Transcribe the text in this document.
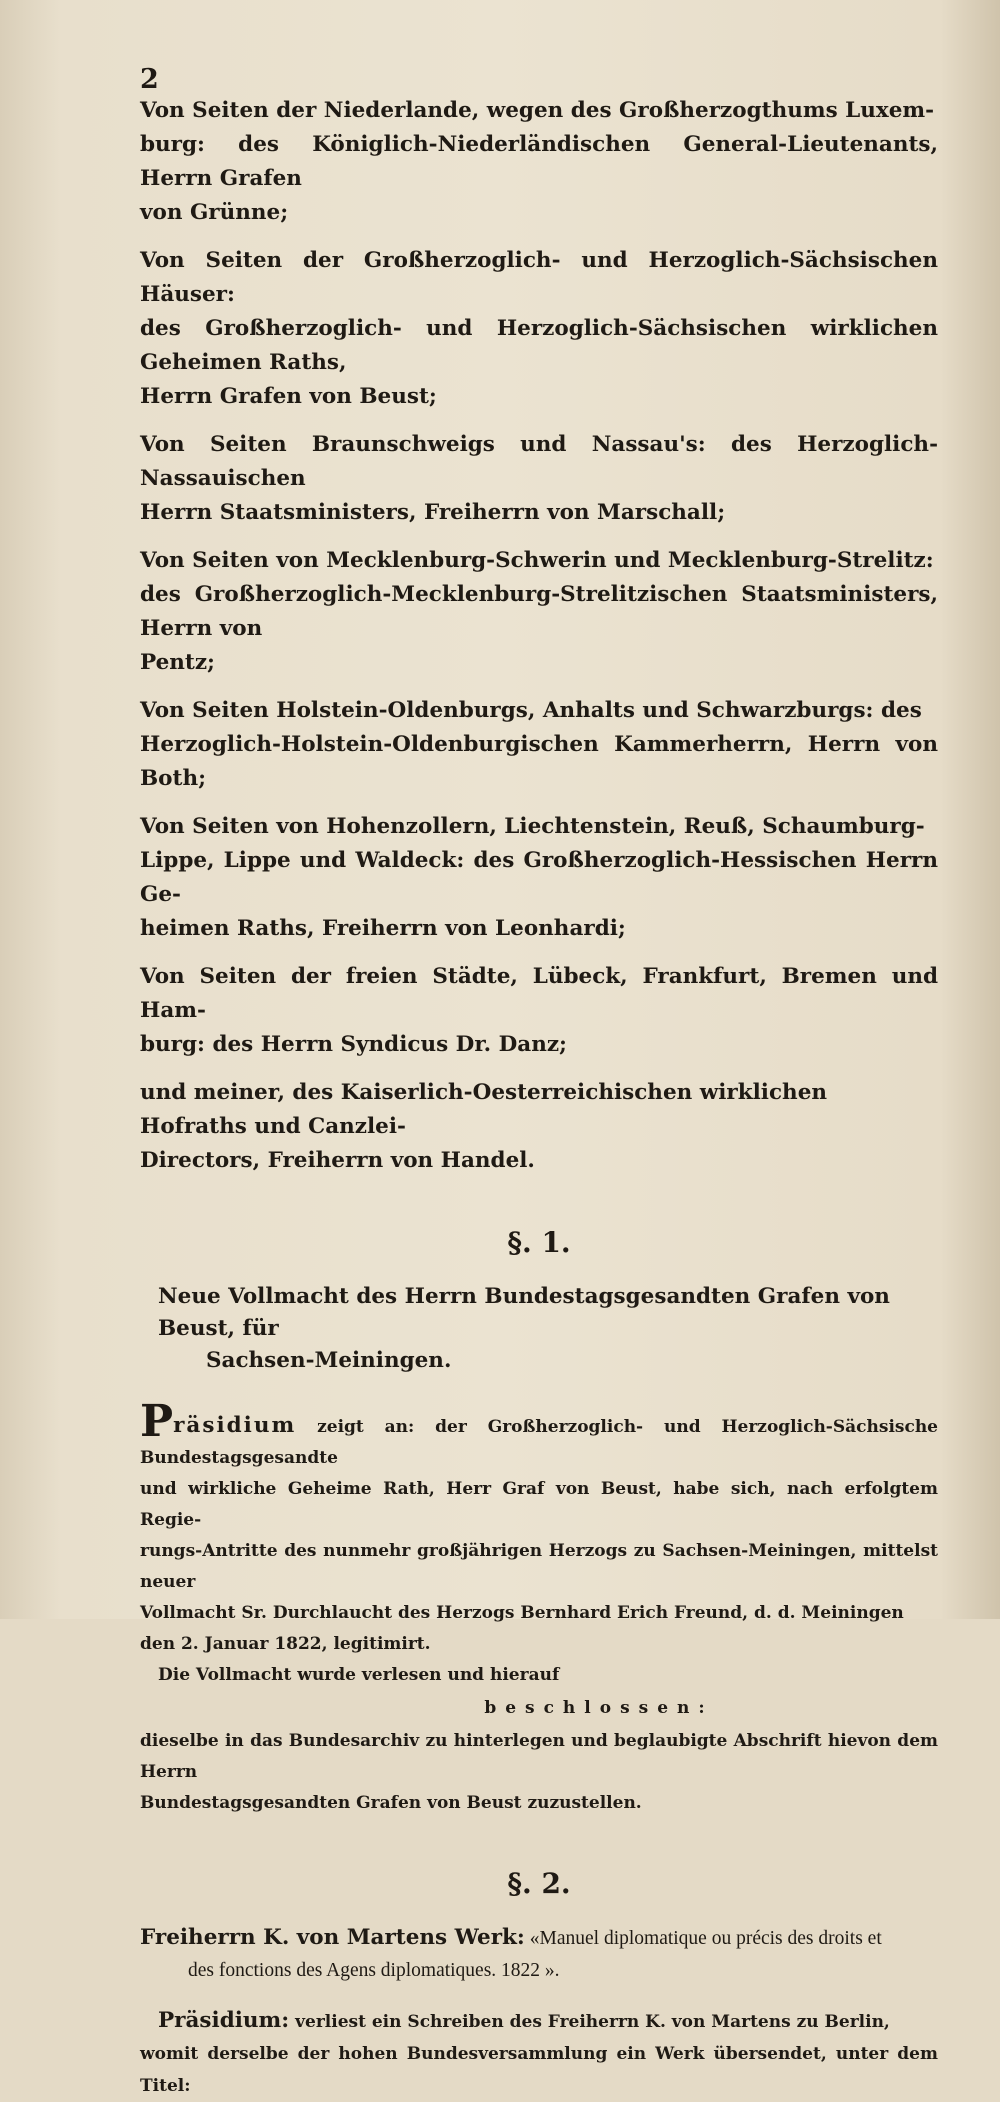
2

Von Seiten der Niederlande, wegen des Großherzogthums Luxem-
burg: des Königlich-Niederländischen General-Lieutenants, Herrn Grafen
von Grünne;

Von Seiten der Großherzoglich- und Herzoglich-Sächsischen Häuser:
des Großherzoglich- und Herzoglich-Sächsischen wirklichen Geheimen Raths,
Herrn Grafen von Beust;

Von Seiten Braunschweigs und Nassau's: des Herzoglich-Nassauischen
Herrn Staatsministers, Freiherrn von Marschall;

Von Seiten von Mecklenburg-Schwerin und Mecklenburg-Strelitz:
des Großherzoglich-Mecklenburg-Strelitzischen Staatsministers, Herrn von
Pentz;

Von Seiten Holstein-Oldenburgs, Anhalts und Schwarzburgs: des
Herzoglich-Holstein-Oldenburgischen Kammerherrn, Herrn von Both;

Von Seiten von Hohenzollern, Liechtenstein, Reuß, Schaumburg-
Lippe, Lippe und Waldeck: des Großherzoglich-Hessischen Herrn Ge-
heimen Raths, Freiherrn von Leonhardi;

Von Seiten der freien Städte, Lübeck, Frankfurt, Bremen und Ham-
burg: des Herrn Syndicus Dr. Danz;

und meiner, des Kaiserlich-Oesterreichischen wirklichen Hofraths und Canzlei-
Directors, Freiherrn von Handel.

§. 1.
Neue Vollmacht des Herrn Bundestagsgesandten Grafen von Beust, für
Sachsen-Meiningen.

Präsidium zeigt an: der Großherzoglich- und Herzoglich-Sächsische Bundestagsgesandte
und wirkliche Geheime Rath, Herr Graf von Beust, habe sich, nach erfolgtem Regie-
rungs-Antritte des nunmehr großjährigen Herzogs zu Sachsen-Meiningen, mittelst neuer
Vollmacht Sr. Durchlaucht des Herzogs Bernhard Erich Freund, d. d. Meiningen
den 2. Januar 1822, legitimirt.

Die Vollmacht wurde verlesen und hierauf

beschlossen:

dieselbe in das Bundesarchiv zu hinterlegen und beglaubigte Abschrift hievon dem Herrn
Bundestagsgesandten Grafen von Beust zuzustellen.

§. 2.
Freiherrn K. von Martens Werk: «Manuel diplomatique ou précis des droits et
des fonctions des Agens diplomatiques. 1822 ».

Präsidium: verliest ein Schreiben des Freiherrn K. von Martens zu Berlin,

womit derselbe der hohen Bundesversammlung ein Werk übersendet, unter dem Titel:
